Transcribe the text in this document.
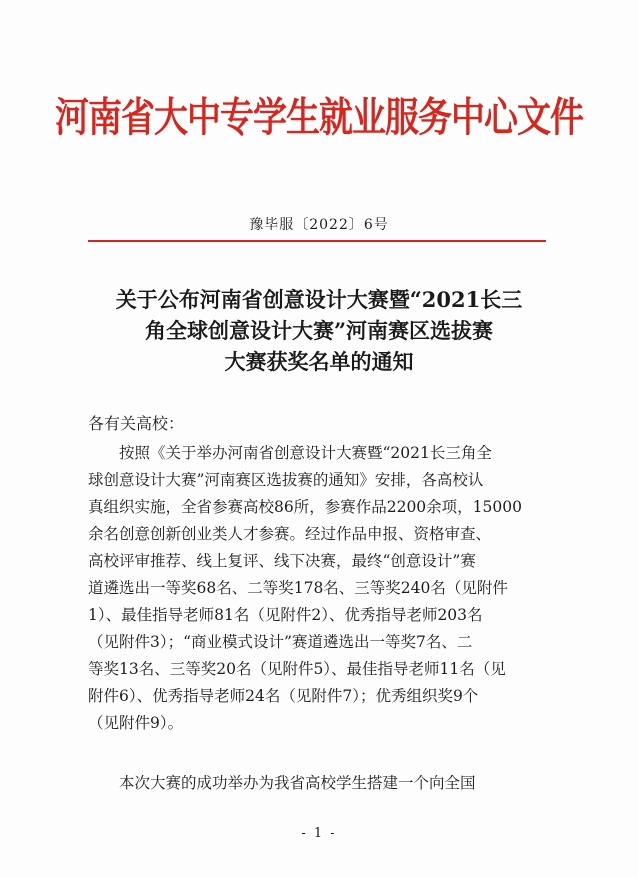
河南省大中专学生就业服务中心文件
豫毕服〔2022〕6号
关于公布河南省创意设计大赛暨“2021长三
角全球创意设计大赛”河南赛区选拔赛
大赛获奖名单的通知
各有关高校：
按照《关于举办河南省创意设计大赛暨“2021长三角全
球创意设计大赛”河南赛区选拔赛的通知》安排，各高校认
真组织实施，全省参赛高校86所，参赛作品2200余项，15000
余名创意创新创业类人才参赛。经过作品申报、资格审查、
高校评审推荐、线上复评、线下决赛，最终“创意设计”赛
道遴选出一等奖68名、二等奖178名、三等奖240名（见附件
1）、最佳指导老师81名（见附件2）、优秀指导老师203名
（见附件3）；“商业模式设计”赛道遴选出一等奖7名、二
等奖13名、三等奖20名（见附件5）、最佳指导老师11名（见
附件6）、优秀指导老师24名（见附件7）；优秀组织奖9个
（见附件9）。
本次大赛的成功举办为我省高校学生搭建一个向全国
- 1 -
